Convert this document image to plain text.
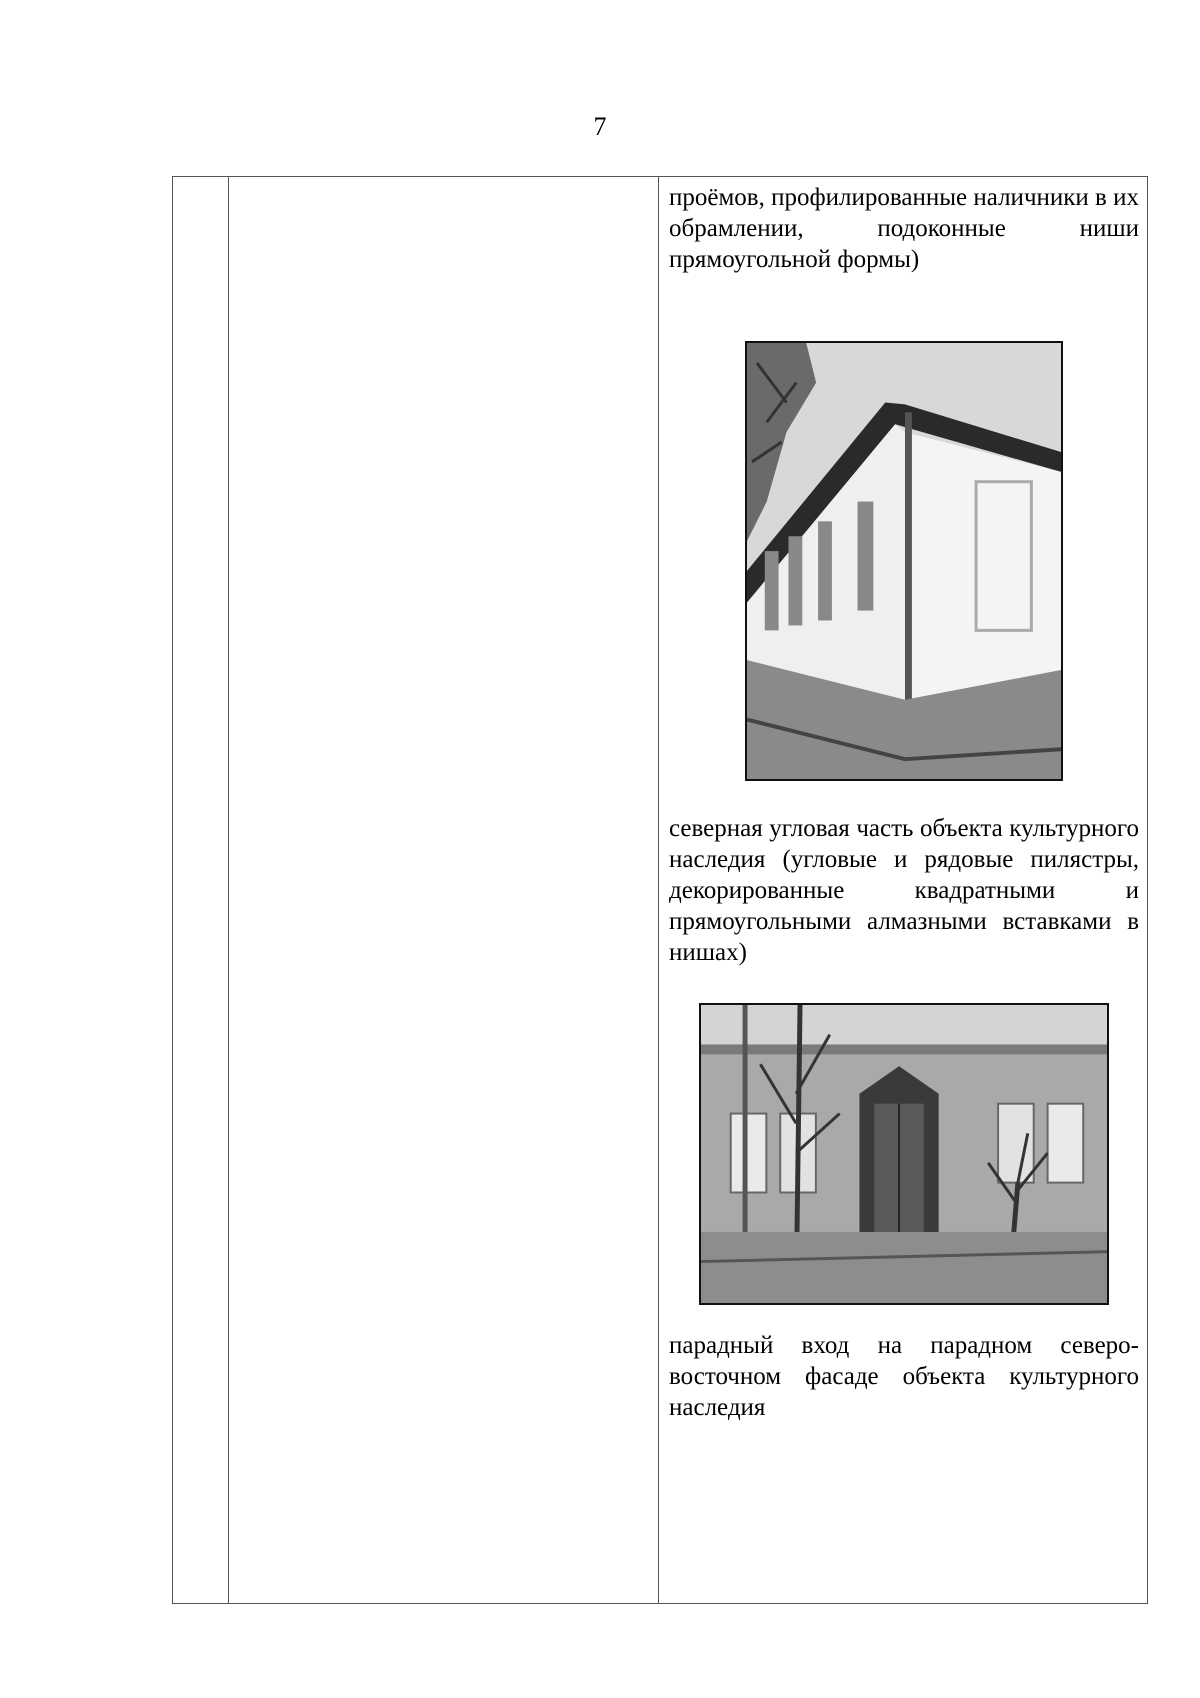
7
проёмов, профилированные наличники в их обрамлении, подоконные ниши прямоугольной формы)
северная угловая часть объекта культурного наследия (угловые и рядовые пилястры, декорированные квадратными и прямоугольными алмазными вставками в нишах)
парадный вход на парадном северо-восточном фасаде объекта культурного наследия
